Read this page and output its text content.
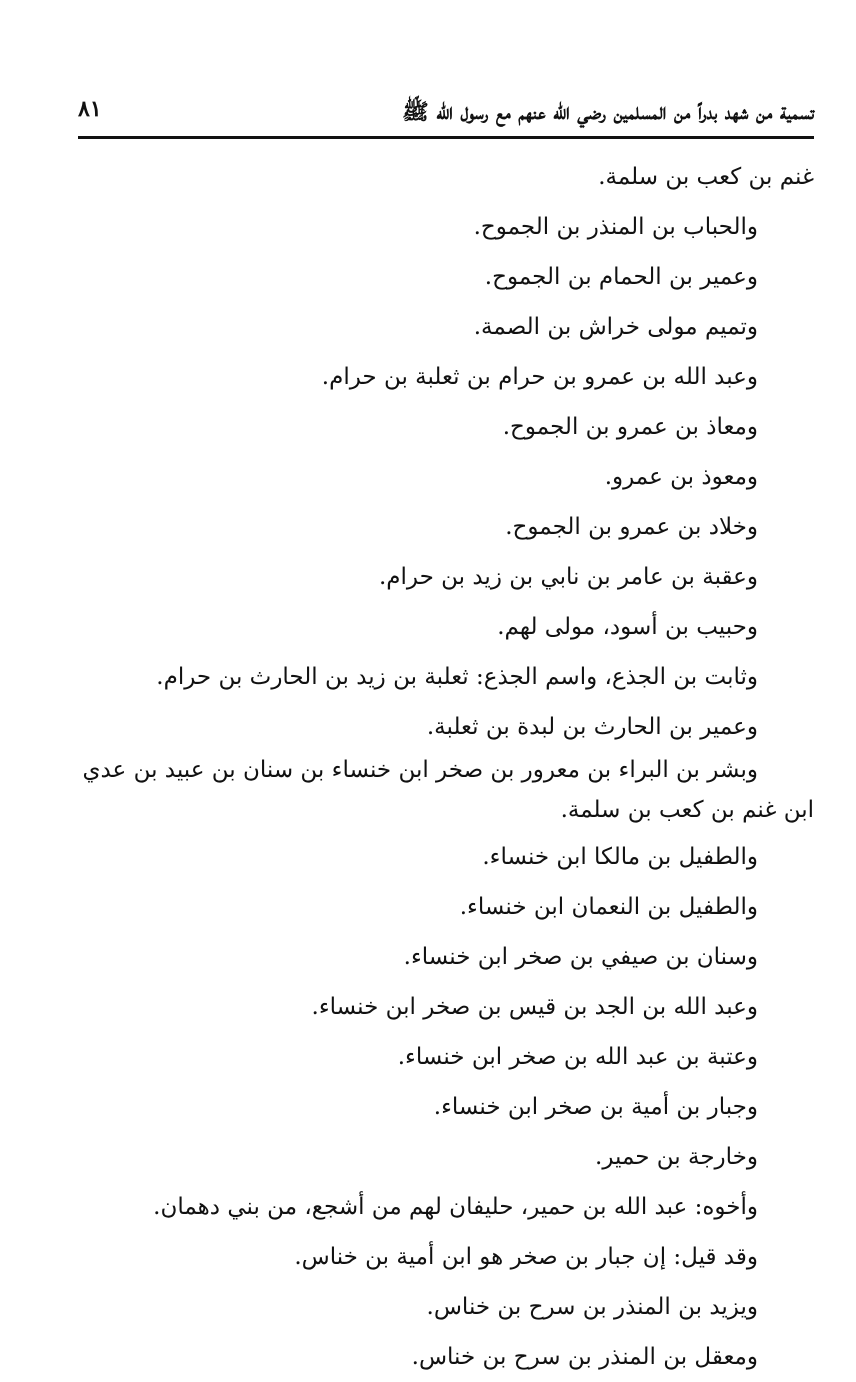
تسمية من شهد بدراً من المسلمين رضي الله عنهم مع رسول الله ﷺ
٨١
غنم بن كعب بن سلمة.
والحباب بن المنذر بن الجموح.
وعمير بن الحمام بن الجموح.
وتميم مولى خراش بن الصمة.
وعبد الله بن عمرو بن حرام بن ثعلبة بن حرام.
ومعاذ بن عمرو بن الجموح.
ومعوذ بن عمرو.
وخلاد بن عمرو بن الجموح.
وعقبة بن عامر بن نابي بن زيد بن حرام.
وحبيب بن أسود، مولى لهم.
وثابت بن الجذع، واسم الجذع: ثعلبة بن زيد بن الحارث بن حرام.
وعمير بن الحارث بن لبدة بن ثعلبة.
وبشر بن البراء بن معرور بن صخر ابن خنساء بن سنان بن عبيد بن عدي
ابن غنم بن كعب بن سلمة.
والطفيل بن مالكا ابن خنساء.
والطفيل بن النعمان ابن خنساء.
وسنان بن صيفي بن صخر ابن خنساء.
وعبد الله بن الجد بن قيس بن صخر ابن خنساء.
وعتبة بن عبد الله بن صخر ابن خنساء.
وجبار بن أمية بن صخر ابن خنساء.
وخارجة بن حمير.
وأخوه: عبد الله بن حمير، حليفان لهم من أشجع، من بني دهمان.
وقد قيل: إن جبار بن صخر هو ابن أمية بن خناس.
ويزيد بن المنذر بن سرح بن خناس.
ومعقل بن المنذر بن سرح بن خناس.
